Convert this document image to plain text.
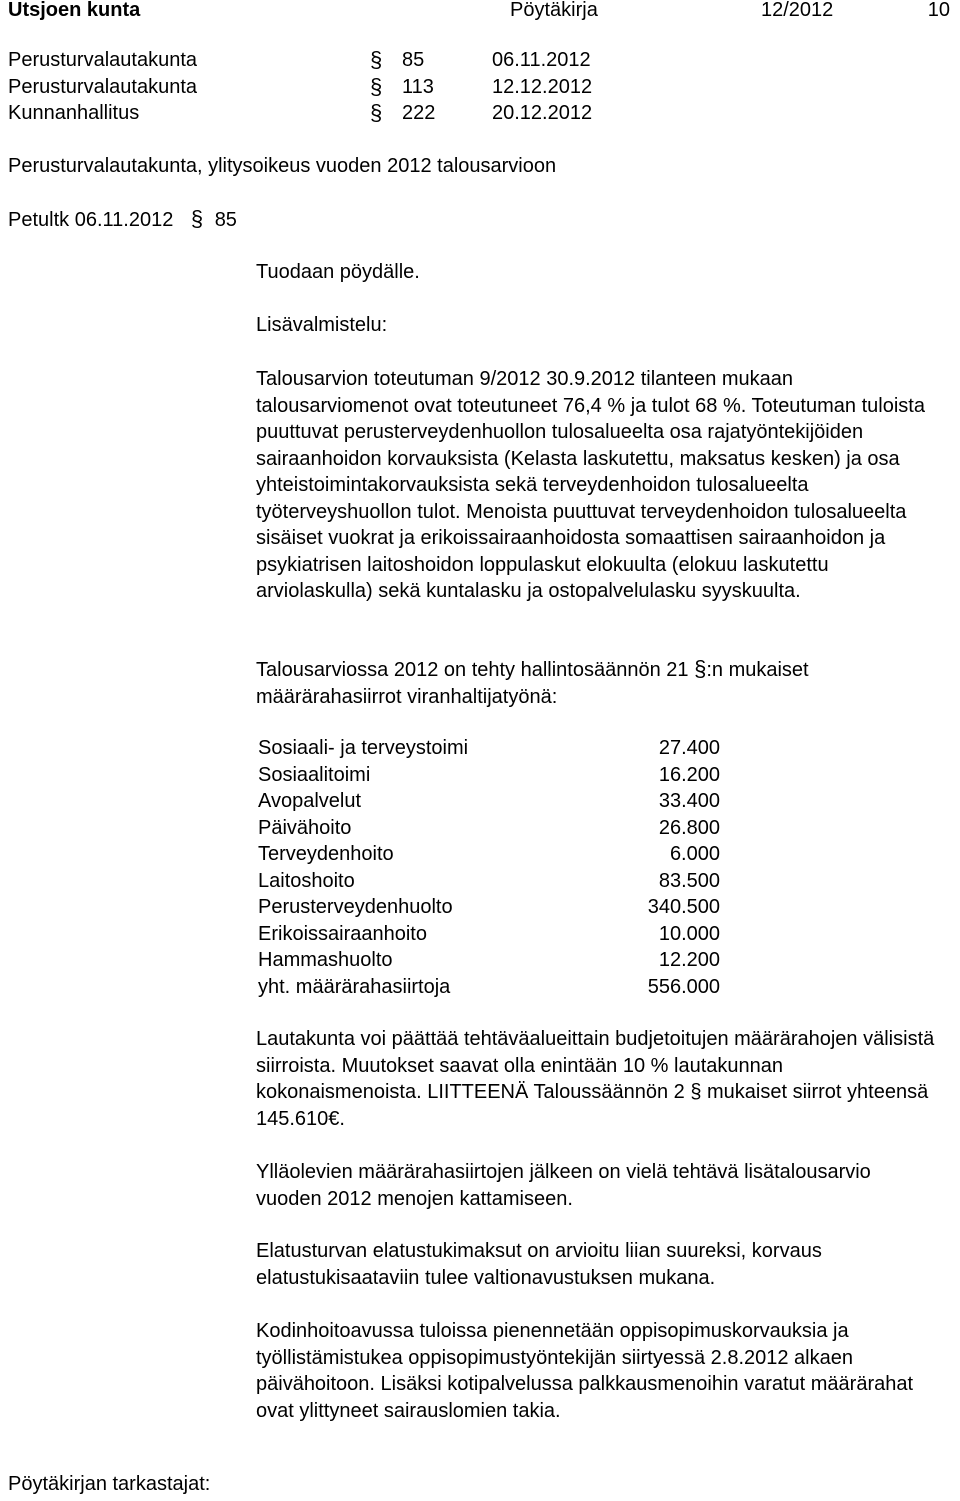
Utsjoen kunta	Pöytäkirja	12/2012	10
Perusturvalautakunta	§ 85	06.11.2012
Perusturvalautakunta	§ 113	12.12.2012
Kunnanhallitus	§ 222	20.12.2012
Perusturvalautakunta, ylitysoikeus vuoden 2012 talousarvioon
Petultk 06.11.2012 § 85
Tuodaan pöydälle.
Lisävalmistelu:
Talousarvion toteutuman 9/2012 30.9.2012 tilanteen mukaan talousarviomenot ovat toteutuneet 76,4 % ja tulot 68 %. Toteutuman tuloista puuttuvat perusterveydenhuollon tulosalueelta osa rajatyöntekijöiden sairaanhoidon korvauksista (Kelasta laskutettu, maksatus kesken) ja osa yhteistoimintakorvauksista sekä terveydenhoidon tulosalueelta työterveyshuollon tulot. Menoista puuttuvat terveydenhoidon tulosalueelta sisäiset vuokrat ja erikoissairaanhoidosta somaattisen sairaanhoidon ja psykiatrisen laitoshoidon loppulaskut elokuulta (elokuu laskutettu arviolaskulla) sekä kuntalasku ja ostopalvelulasku syyskuulta.
Talousarviossa 2012 on tehty hallintosäännön 21 §:n mukaiset määrärahasiirrot viranhaltijatyönä:
Sosiaali- ja terveystoimi	27.400
Sosiaalitoimi	16.200
Avopalvelut	33.400
Päivähoito	26.800
Terveydenhoito	6.000
Laitoshoito	83.500
Perusterveydenhuolto	340.500
Erikoissairaanhoito	10.000
Hammashuolto	12.200
yht. määrärahasiirtoja	556.000
Lautakunta voi päättää tehtäväalueittain budjetoitujen määrärahojen välisistä siirroista. Muutokset saavat olla enintään 10 % lautakunnan kokonaismenoista. LIITTEENÄ Taloussäännön 2 § mukaiset siirrot yhteensä 145.610€.
Ylläolevien määrärahasiirtojen jälkeen on vielä tehtävä lisätalousarvio vuoden 2012 menojen kattamiseen.
Elatusturvan elatustukimaksut on arvioitu liian suureksi, korvaus elatustukisaataviin tulee valtionavustuksen mukana.
Kodinhoitoavussa tuloissa pienennetään oppisopimuskorvauksia ja työllistämistukea oppisopimustyöntekijän siirtyessä 2.8.2012 alkaen päivähoitoon. Lisäksi kotipalvelussa palkkausmenoihin varatut määrärahat ovat ylittyneet sairauslomien takia.
Pöytäkirjan tarkastajat:
